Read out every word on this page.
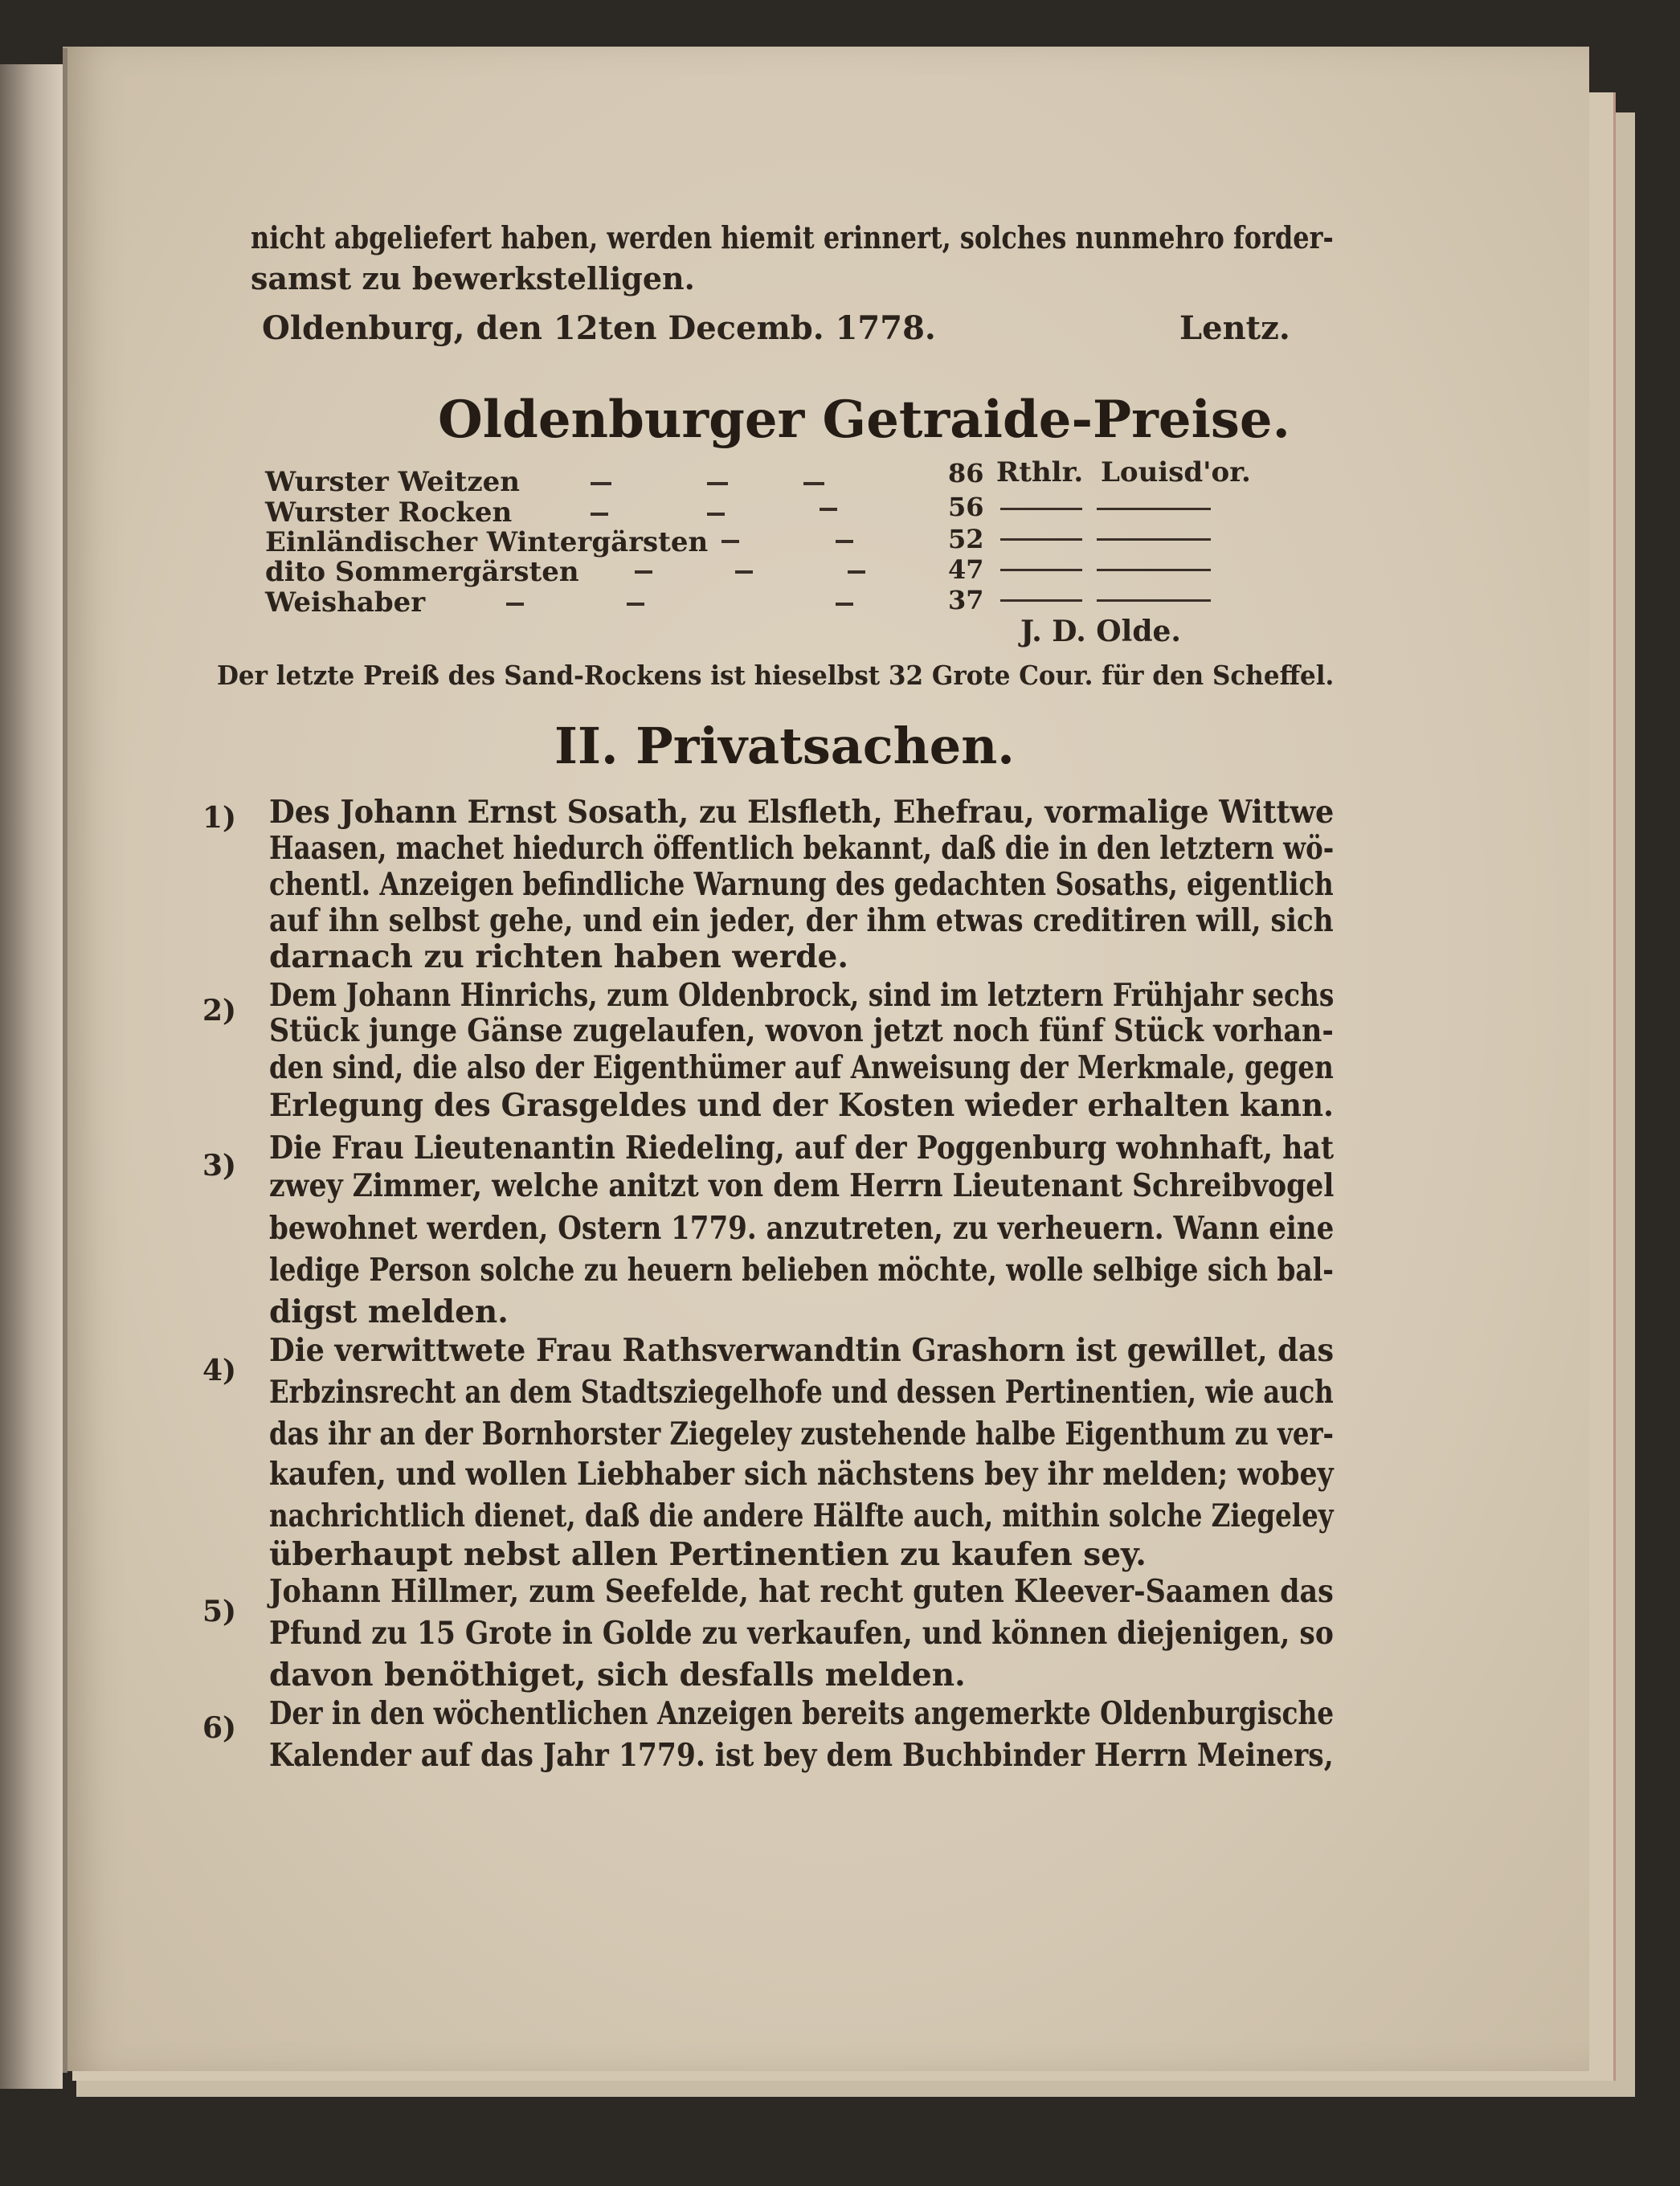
nicht abgeliefert haben, werden hiemit erinnert, solches nunmehro forder-
samst zu bewerkstelligen.
Oldenburg, den 12ten Decemb. 1778.	Lentz.
Oldenburger Getraide-Preise.
Louisd'or.
Rthlr.
Wurster Weitzen	86
Wurster Rocken	56
Einländischer Wintergärsten	52
dito Sommergärsten	47
Weishaber	37
J. D. Olde.
Der letzte Preiß des Sand-Rockens ist hieselbst 32 Grote Cour. für den Scheffel.
II. Privatsachen.
1) Des Johann Ernst Sosath, zu Elsfleth, Ehefrau, vormalige Wittwe
Haasen, machet hiedurch öffentlich bekannt, daß die in den letztern wö-
chentl. Anzeigen befindliche Warnung des gedachten Sosaths, eigentlich
auf ihn selbst gehe, und ein jeder, der ihm etwas creditiren will, sich
darnach zu richten haben werde.
2) Dem Johann Hinrichs, zum Oldenbrock, sind im letztern Frühjahr sechs
Stück junge Gänse zugelaufen, wovon jetzt noch fünf Stück vorhan-
den sind, die also der Eigenthümer auf Anweisung der Merkmale, gegen
Erlegung des Grasgeldes und der Kosten wieder erhalten kann.
3) Die Frau Lieutenantin Riedeling, auf der Poggenburg wohnhaft, hat
zwey Zimmer, welche anitzt von dem Herrn Lieutenant Schreibvogel
bewohnet werden, Ostern 1779. anzutreten, zu verheuern. Wann eine
ledige Person solche zu heuern belieben möchte, wolle selbige sich bal-
digst melden.
4)
Die verwittwete Frau Rathsverwandtin Grashorn ist gewillet, das
Erbzinsrecht an dem Stadtsziegelhofe und dessen Pertinentien, wie auch
das ihr an der Bornhorster Ziegeley zustehende halbe Eigenthum zu ver-
kaufen, und wollen Liebhaber sich nächstens bey ihr melden; wobey
nachrichtlich dienet, daß die andere Hälfte auch, mithin solche Ziegeley
überhaupt nebst allen Pertinentien zu kaufen sey.
5)
Johann Hillmer, zum Seefelde, hat recht guten Kleever-Saamen das
Pfund zu 15 Grote in Golde zu verkaufen, und können diejenigen, so
davon benöthiget, sich desfalls melden.
6) Der in den wöchentlichen Anzeigen bereits angemerkte Oldenburgische
Kalender auf das Jahr 1779. ist bey dem Buchbinder Herrn Meiners,
